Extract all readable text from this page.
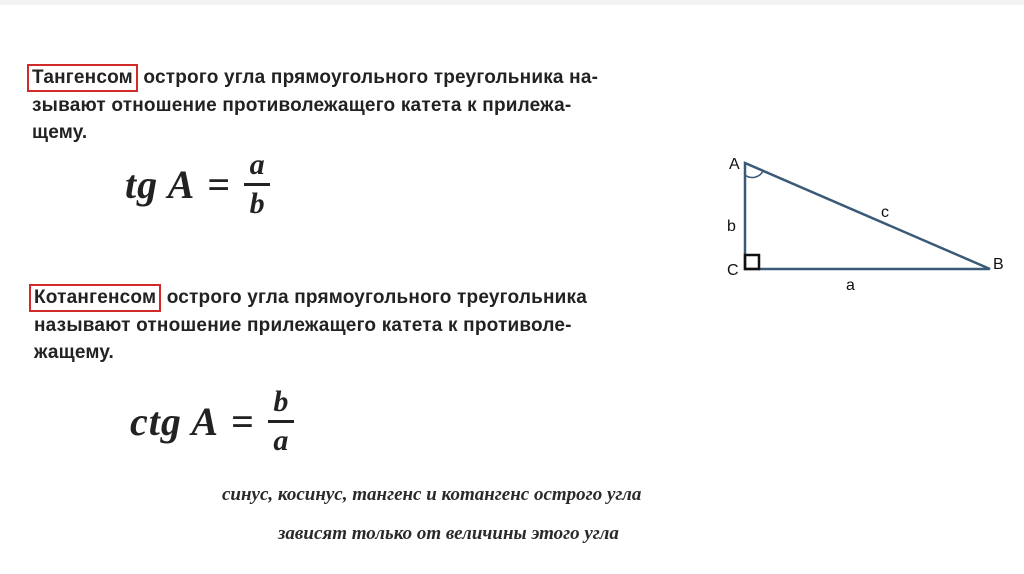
Тангенсом острого угла прямоугольного треугольника на-
зывают отношение противолежащего катета к прилежа-
щему.
tg $A = \frac{a}{b}$
Котангенсом острого угла прямоугольного треугольника
называют отношение прилежащего катета к противоле-
жащему.
ctg $A = \frac{b}{a}$
A
C	B
b
a
c
синус, косинус, тангенс и котангенс острого угла
зависят только от величины этого угла
